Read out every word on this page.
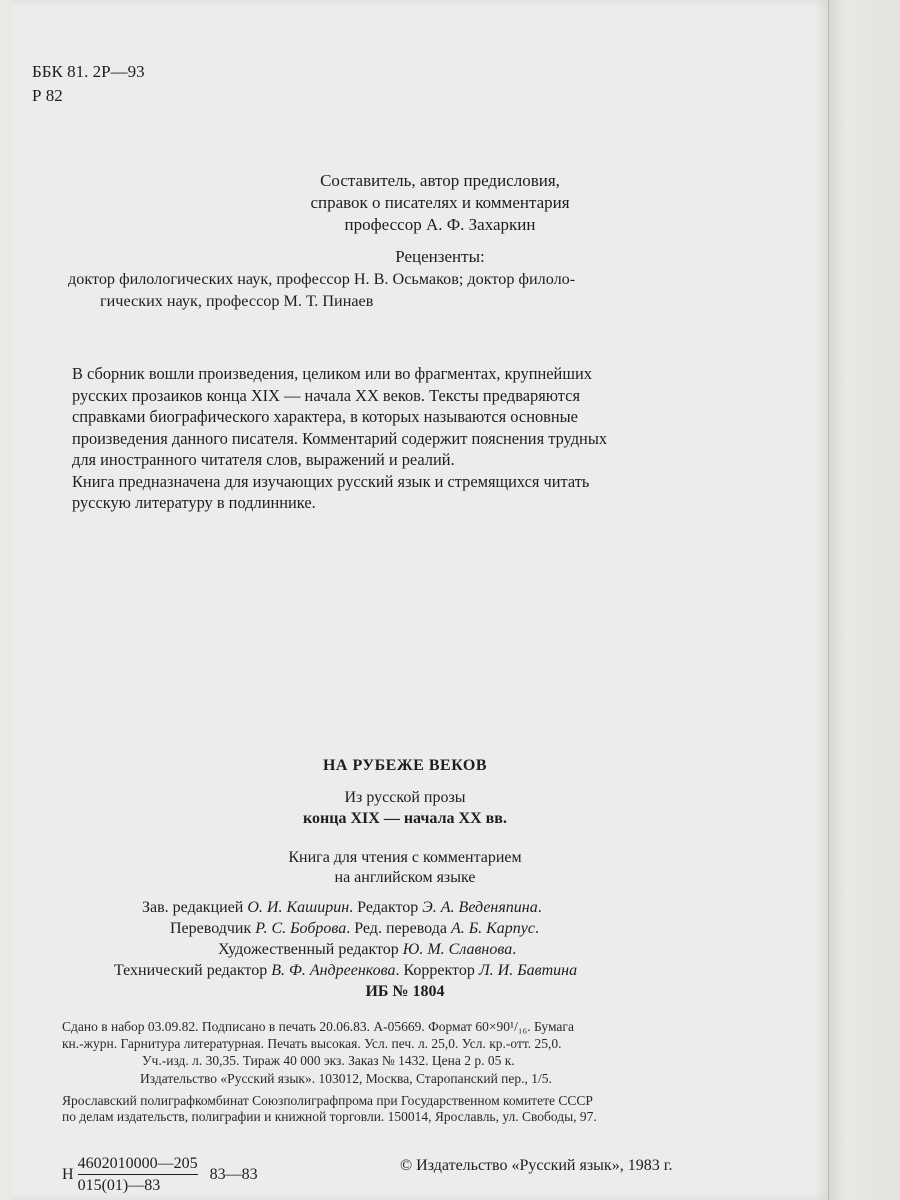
ББК 81. 2Р—93
Р 82
Составитель, автор предисловия,
справок о писателях и комментария
профессор А. Ф. Захаркин
Рецензенты:
доктор филологических наук, профессор Н. В. Осьмаков; доктор филоло-
гических наук, профессор М. Т. Пинаев
В сборник вошли произведения, целиком или во фрагментах, крупнейших
русских прозаиков конца XIX — начала XX веков. Тексты предваряются
справками биографического характера, в которых называются основные
произведения данного писателя. Комментарий содержит пояснения трудных
для иностранного читателя слов, выражений и реалий.
Книга предназначена для изучающих русский язык и стремящихся читать
русскую литературу в подлиннике.
НА РУБЕЖЕ ВЕКОВ
Из русской прозы
конца XIX — начала XX вв.
Книга для чтения с комментарием
на английском языке
Зав. редакцией О. И. Каширин. Редактор Э. А. Веденяпина.
Переводчик Р. С. Боброва. Ред. перевода А. Б. Карпус.
Художественный редактор Ю. М. Славнова.
Технический редактор В. Ф. Андреенкова. Корректор Л. И. Бавтина
ИБ № 1804
Сдано в набор 03.09.82. Подписано в печать 20.06.83. А-05669. Формат 60×90¹/₁₆. Бумага
кн.-журн. Гарнитура литературная. Печать высокая. Усл. печ. л. 25,0. Усл. кр.-отт. 25,0.
Уч.-изд. л. 30,35. Тираж 40 000 экз. Заказ № 1432. Цена 2 р. 05 к.
Издательство «Русский язык». 103012, Москва, Старопанский пер., 1/5.
Ярославский полиграфкомбинат Союзполиграфпрома при Государственном комитете СССР
по делам издательств, полиграфии и книжной торговли. 150014, Ярославль, ул. Свободы, 97.
Н $\frac{4602010000—205}{015(01)—83}$ 83—83
© Издательство «Русский язык», 1983 г.
